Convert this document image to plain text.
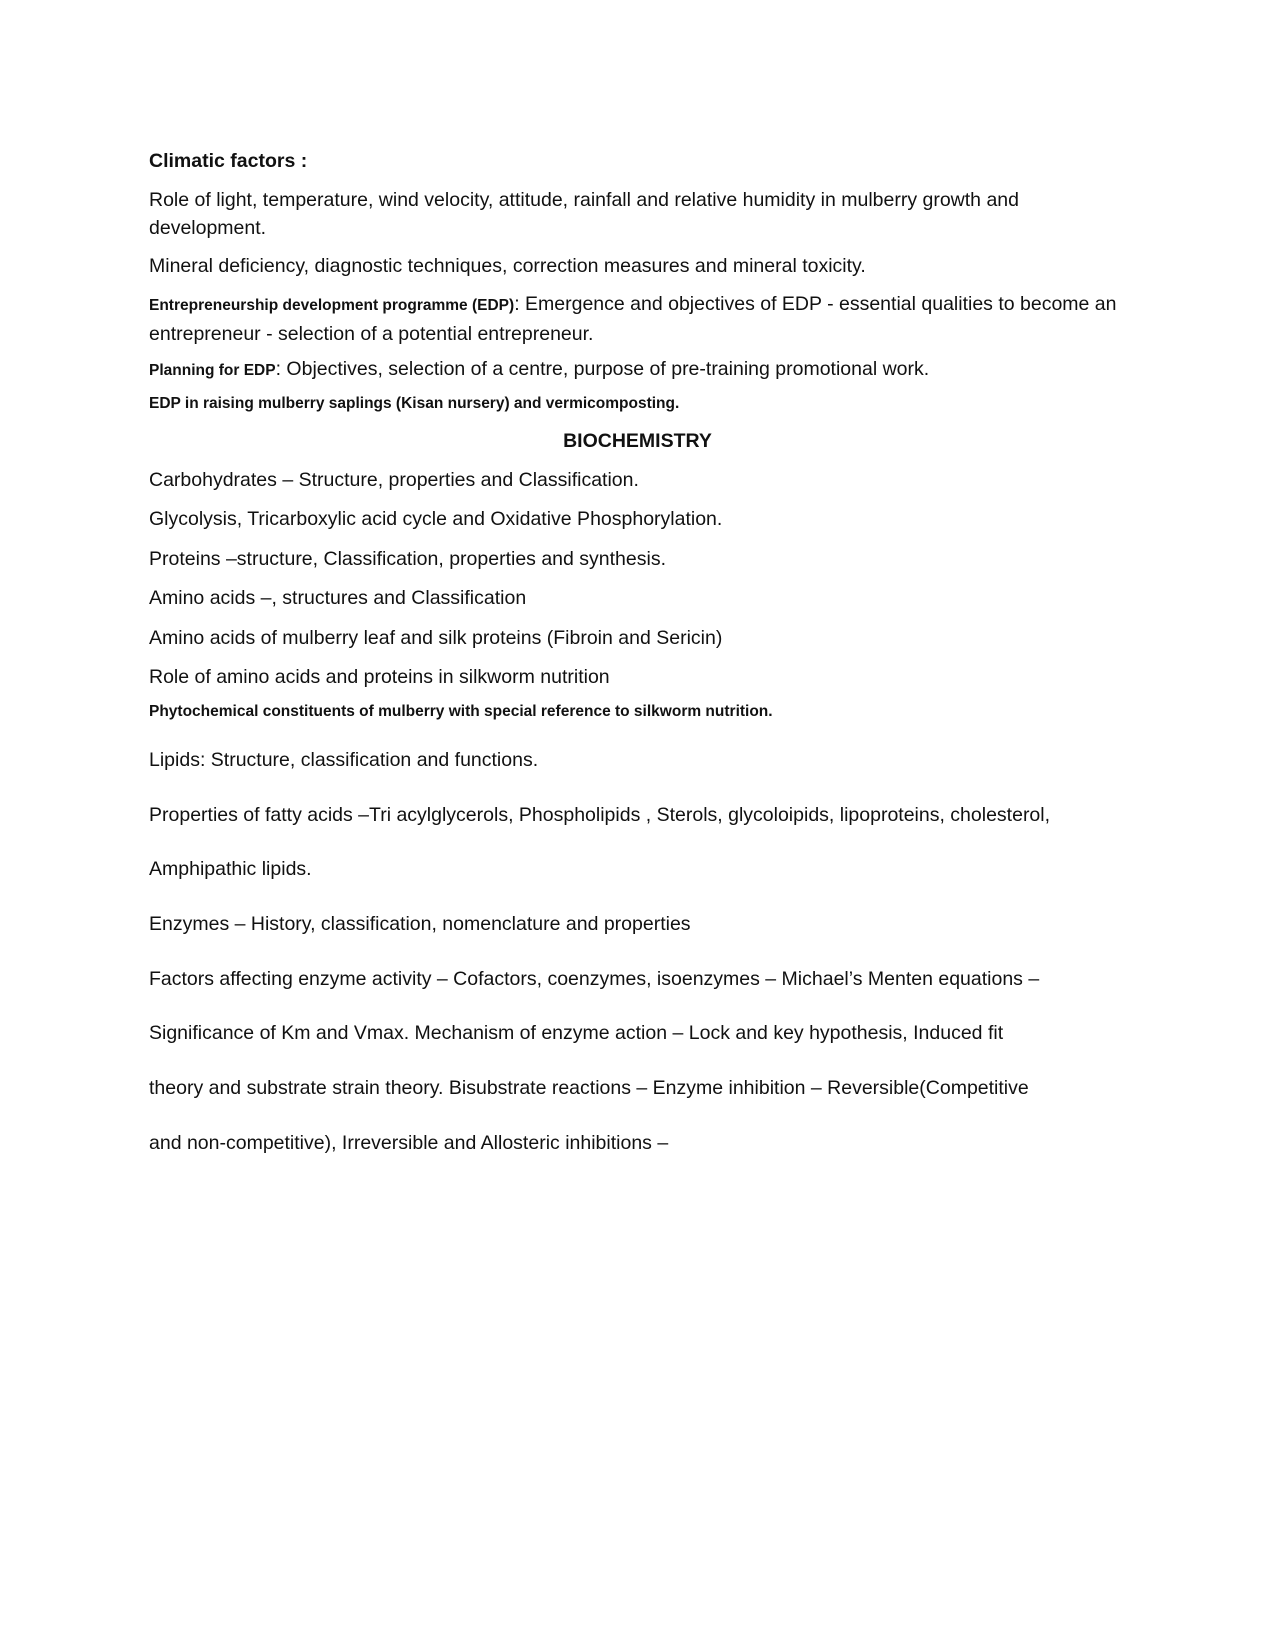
Climatic factors :
Role of light, temperature, wind velocity, attitude, rainfall and relative humidity in mulberry growth and development.
Mineral deficiency, diagnostic techniques, correction measures and mineral toxicity.
Entrepreneurship development programme (EDP): Emergence and objectives of EDP - essential qualities to become an entrepreneur - selection of a potential entrepreneur.
Planning for EDP: Objectives, selection of a centre, purpose of pre-training promotional work.
EDP in raising mulberry saplings (Kisan nursery) and vermicomposting.
BIOCHEMISTRY
Carbohydrates – Structure, properties and Classification.
Glycolysis, Tricarboxylic acid cycle and Oxidative Phosphorylation.
Proteins –structure, Classification, properties and synthesis.
Amino acids –, structures and Classification
Amino acids of mulberry leaf and silk proteins (Fibroin and Sericin)
Role of amino acids and proteins in silkworm nutrition
Phytochemical constituents of mulberry with special reference to silkworm nutrition.
Lipids: Structure, classification and functions.
Properties of fatty acids –Tri acylglycerols, Phospholipids , Sterols, glycoloipids, lipoproteins, cholesterol,
Amphipathic lipids.
Enzymes – History, classification, nomenclature and properties
Factors affecting enzyme activity – Cofactors, coenzymes, isoenzymes – Michael’s Menten equations –
Significance of Km and Vmax. Mechanism of enzyme action – Lock and key hypothesis, Induced fit
theory and substrate strain theory. Bisubstrate reactions – Enzyme inhibition – Reversible(Competitive
and non-competitive), Irreversible and Allosteric inhibitions –
